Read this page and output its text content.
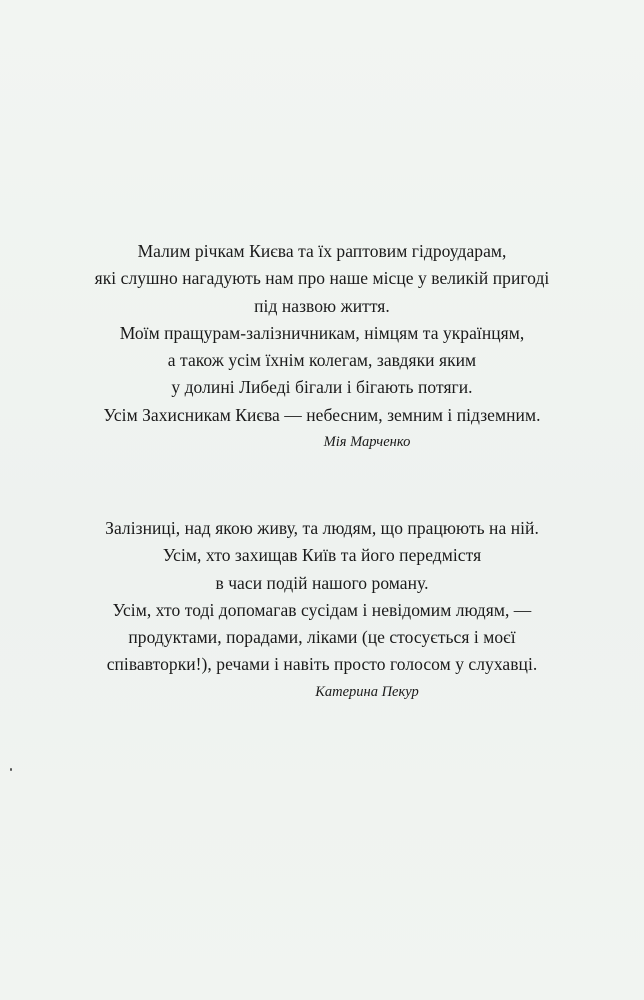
Малим річкам Києва та їх раптовим гідроударам,
які слушно нагадують нам про наше місце у великій пригоді
під назвою життя.
Моїм пращурам-залізничникам, німцям та українцям,
а також усім їхнім колегам, завдяки яким
у долині Либеді бігали і бігають потяги.
Усім Захисникам Києва — небесним, земним і підземним.
Мія Марченко
Залізниці, над якою живу, та людям, що працюють на ній.
Усім, хто захищав Київ та його передмістя
в часи подій нашого роману.
Усім, хто тоді допомагав сусідам і невідомим людям, —
продуктами, порадами, ліками (це стосується і моєї
співавторки!), речами і навіть просто голосом у слухавці.
Катерина Пекур
